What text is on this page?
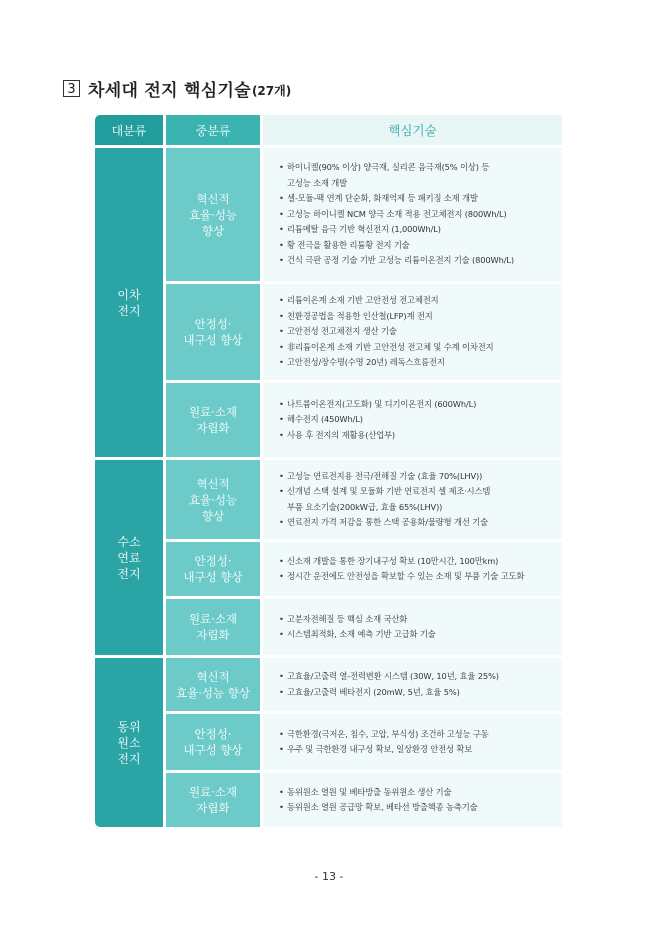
3 차세대 전지 핵심기술 (27개)
대분류	중분류	핵심기술
이차
전지
혁신적
효율·성능
향상
• 하이니켈(90% 이상) 양극재, 실리콘 음극재(5% 이상) 등
고성능 소재 개발
• 셀-모듈-팩 연계 단순화, 화재억제 등 패키징 소재 개발
• 고성능 하이니켈 NCM 양극 소재 적용 전고체전지 (800Wh/L)
• 리튬메탈 음극 기반 혁신전지 (1,000Wh/L)
• 황 전극을 활용한 리튬황 전지 기술
• 건식 극판 공정 기술 기반 고성능 리튬이온전지 기술 (800Wh/L)
안정성·
내구성 향상
• 리튬이온계 소재 기반 고안전성 전고체전지
• 친환경공법을 적용한 인산철(LFP)계 전지
• 고안전성 전고체전지 생산 기술
• 非리튬이온계 소재 기반 고안전성 전고체 및 수계 이차전지
• 고안전성/장수명(수명 20년) 레독스흐름전지
원료·소재
자립화
• 나트륨이온전지(고도화) 및 디기이온전지 (600Wh/L)
• 해수전지 (450Wh/L)
• 사용 후 전지의 재활용(산업부)
수소
연료
전지
혁신적
효율·성능
향상
• 고성능 연료전지용 전극/전해질 기술 (효율 70%(LHV))
• 신개념 스택 설계 및 모듈화 기반 연료전지 셀 제조·시스템
부품 요소기술(200kW급, 효율 65%(LHV))
• 연료전지 가격 저감을 통한 스택 공용화/물량형 개선 기술
안정성·
내구성 향상
• 신소재 개발을 통한 장기내구성 확보 (10만시간, 100만km)
• 정시간 운전에도 안전성을 확보할 수 있는 소재 및 부품 기술 고도화
원료·소재
자립화
• 고분자전해질 등 핵심 소재 국산화
• 시스템최적화, 소재 예측 기반 고급화 기술
동위
원소
전지
혁신적
효율·성능 향상
• 고효율/고출력 열-전력변환 시스템 (30W, 10년, 효율 25%)
• 고효율/고출력 베타전지 (20mW, 5년, 효율 5%)
안정성·
내구성 향상
• 극한환경(극저온, 침수, 고압, 부식성) 조건하 고성능 구동
• 우주 및 극한환경 내구성 확보, 일상환경 안전성 확보
원료·소재
자립화
• 동위원소 열원 및 베타방출 동위원소 생산 기술
• 동위원소 열원 공급망 확보, 베타선 방출핵종 농축기술
- 13 -
